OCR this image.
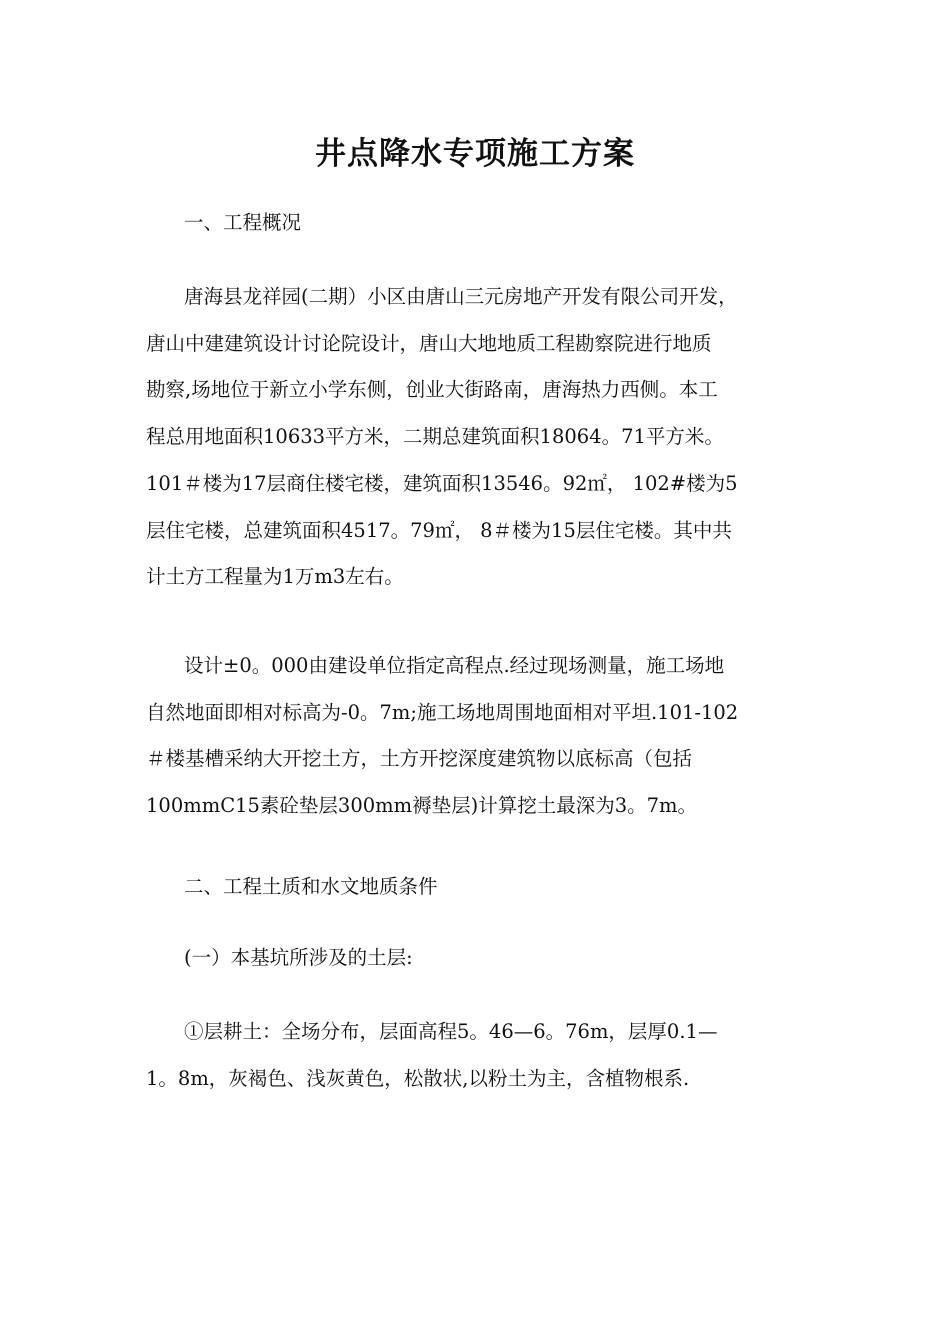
井点降水专项施工方案

一、工程概况

唐海县龙祥园(二期）小区由唐山三元房地产开发有限公司开发，
唐山中建建筑设计讨论院设计，唐山大地地质工程勘察院进行地质
勘察,场地位于新立小学东侧，创业大街路南，唐海热力西侧。本工
程总用地面积10633平方米，二期总建筑面积18064。71平方米。
101＃楼为17层商住楼宅楼，建筑面积13546。92㎡， 102#楼为5
层住宅楼，总建筑面积4517。79㎡， 8＃楼为15层住宅楼。其中共
计土方工程量为1万m3左右。
设计±0。000由建设单位指定高程点.经过现场测量，施工场地
自然地面即相对标高为-0。7m;施工场地周围地面相对平坦.101-102
＃楼基槽采纳大开挖土方，土方开挖深度建筑物以底标高（包括
100mmC15素砼垫层300mm褥垫层)计算挖土最深为3。7m。

二、工程土质和水文地质条件

(一）本基坑所涉及的土层:

①层耕土：全场分布，层面高程5。46—6。76m，层厚0.1—
1。8m，灰褐色、浅灰黄色，松散状,以粉土为主，含植物根系.
